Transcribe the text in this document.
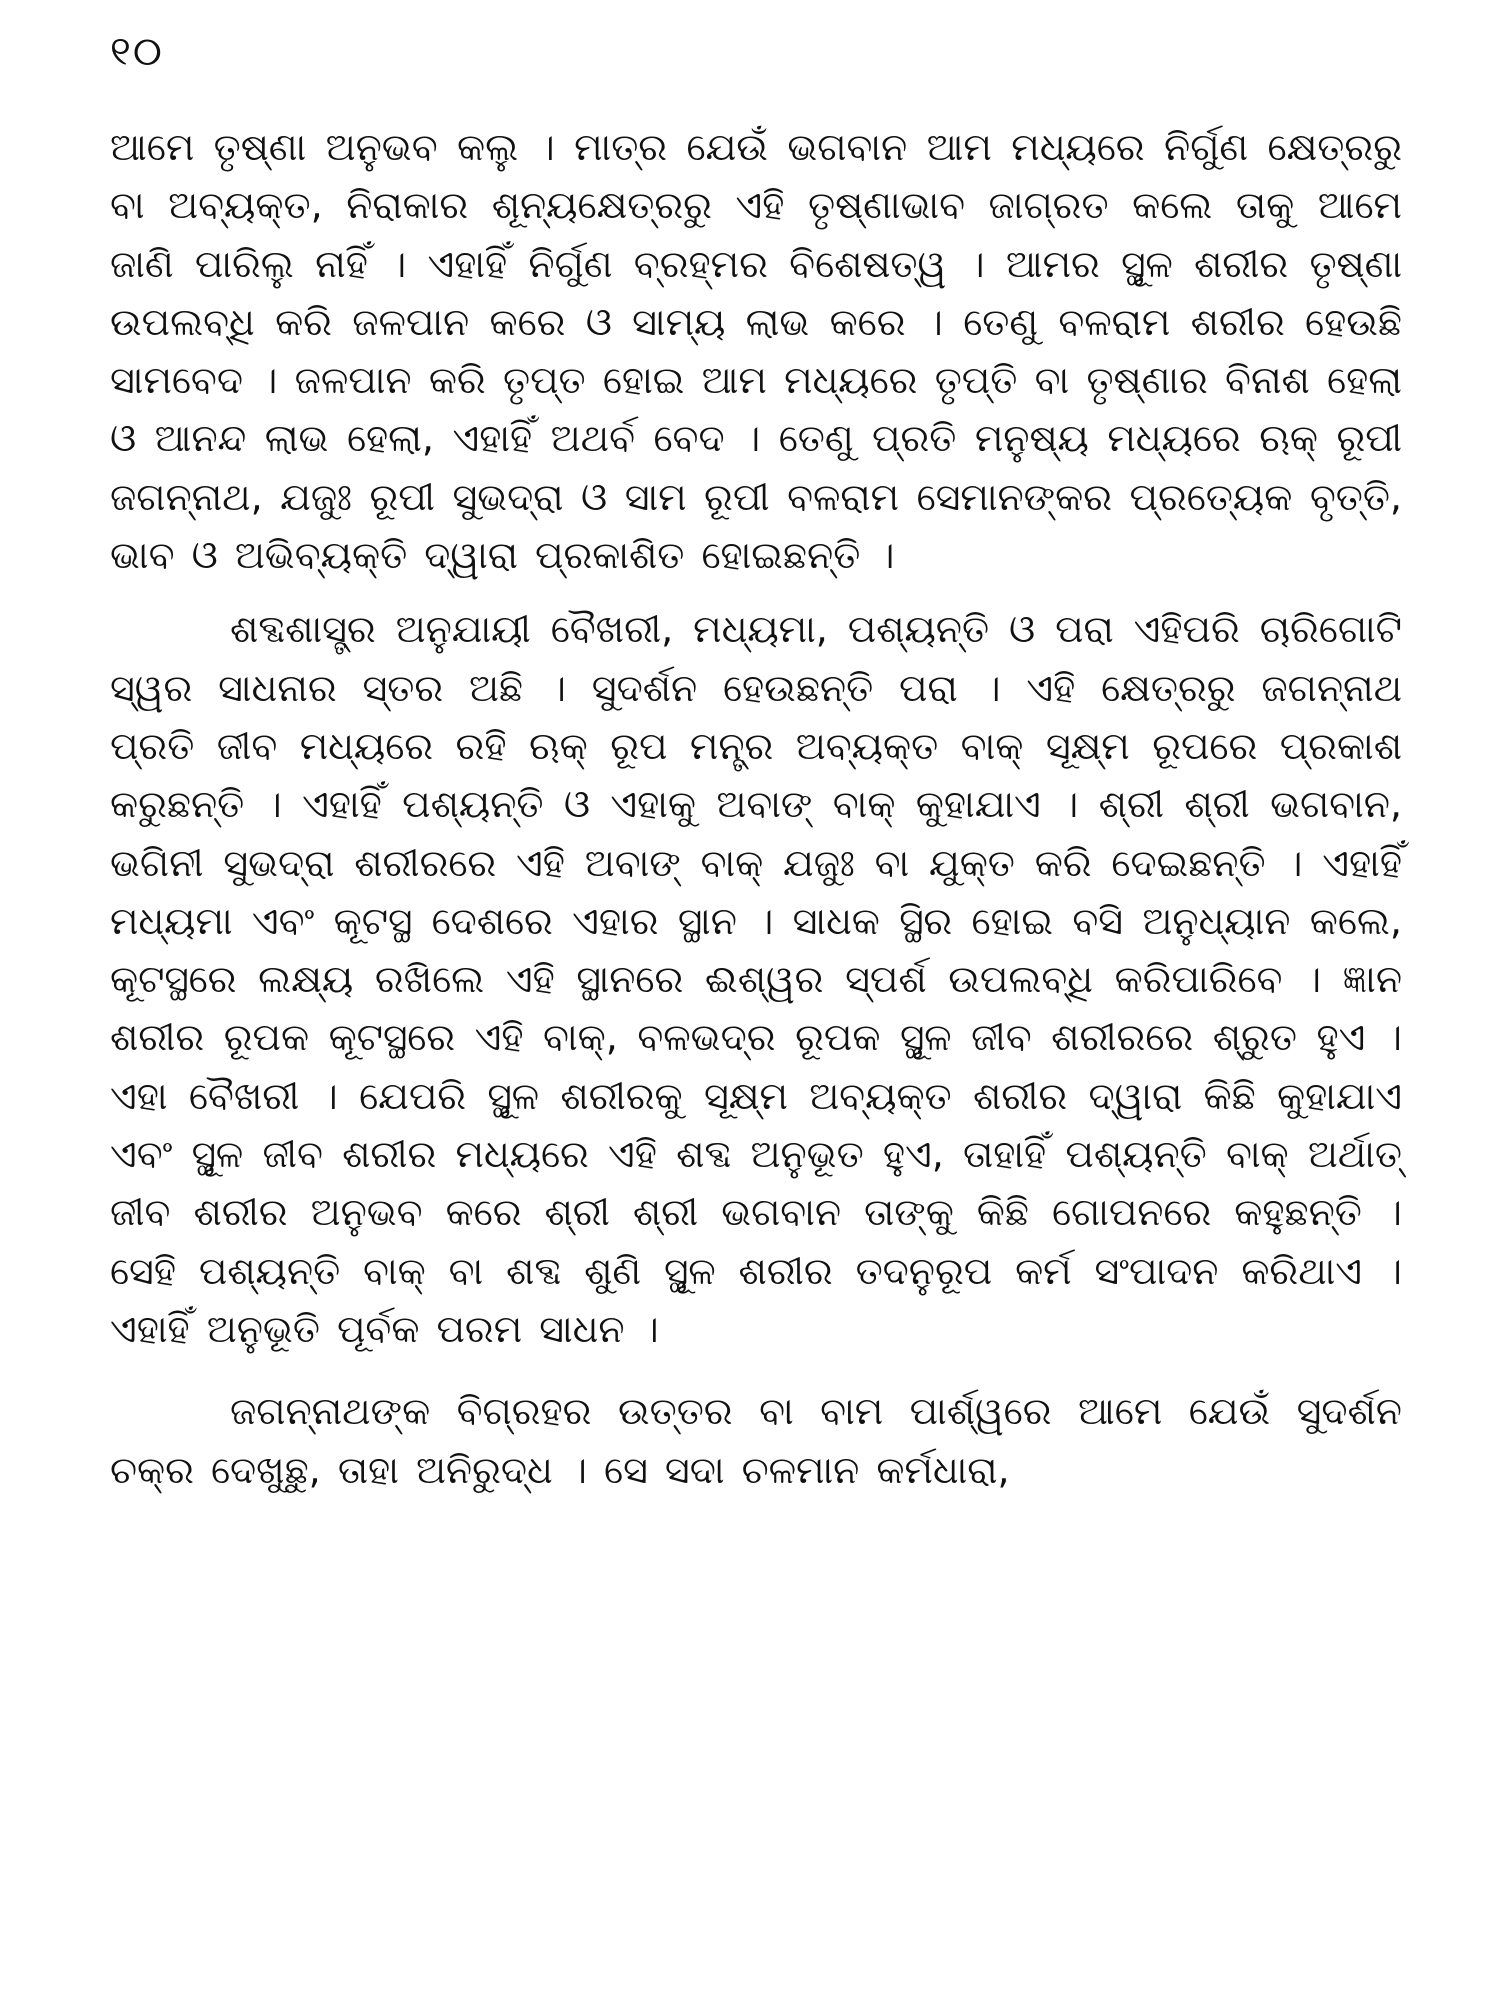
୧୦

ଆମେ ତୃଷ୍ଣା ଅନୁଭବ କଲୁ । ମାତ୍ର ଯେଉଁ ଭଗବାନ ଆମ ମଧ୍ୟରେ ନିର୍ଗୁଣ କ୍ଷେତ୍ରରୁ ବା ଅବ୍ୟକ୍ତ, ନିରାକାର ଶୂନ୍ୟକ୍ଷେତ୍ରରୁ ଏହି ତୃଷ୍ଣାଭାବ ଜାଗ୍ରତ କଲେ ତାକୁ ଆମେ ଜାଣି ପାରିଲୁ ନାହିଁ । ଏହାହିଁ ନିର୍ଗୁଣ ବ୍ରହ୍ମର ବିଶେଷତ୍ୱ । ଆମର ସ୍ଥୂଳ ଶରୀର ତୃଷ୍ଣା ଉପଲବ୍ଧି କରି ଜଳପାନ କରେ ଓ ସାମ୍ୟ ଲାଭ କରେ । ତେଣୁ ବଳରାମ ଶରୀର ହେଉଛି ସାମବେଦ । ଜଳପାନ କରି ତୃପ୍ତ ହୋଇ ଆମ ମଧ୍ୟରେ ତୃପ୍ତି ବା ତୃଷ୍ଣାର ବିନାଶ ହେଲା ଓ ଆନନ୍ଦ ଲାଭ ହେଲା, ଏହାହିଁ ଅଥର୍ବ ବେଦ । ତେଣୁ ପ୍ରତି ମନୁଷ୍ୟ ମଧ୍ୟରେ ଋକ୍ ରୂପୀ ଜଗନ୍ନାଥ, ଯଜୁଃ ରୂପୀ ସୁଭଦ୍ରା ଓ ସାମ ରୂପୀ ବଳରାମ ସେମାନଙ୍କର ପ୍ରତ୍ୟେକ ବୃତ୍ତି, ଭାବ ଓ ଅଭିବ୍ୟକ୍ତି ଦ୍ୱାରା ପ୍ରକାଶିତ ହୋଇଛନ୍ତି ।

ଶବ୍ଦଶାସ୍ତ୍ର ଅନୁଯାୟୀ ବୈଖରୀ, ମଧ୍ୟମା, ପଶ୍ୟନ୍ତି ଓ ପରା ଏହିପରି ଚାରିଗୋଟି ସ୍ୱର ସାଧନାର ସ୍ତର ଅଛି । ସୁଦର୍ଶନ ହେଉଛନ୍ତି ପରା । ଏହି କ୍ଷେତ୍ରରୁ ଜଗନ୍ନାଥ ପ୍ରତି ଜୀବ ମଧ୍ୟରେ ରହି ଋକ୍ ରୂପ ମନ୍ତ୍ର ଅବ୍ୟକ୍ତ ବାକ୍ ସୂକ୍ଷ୍ମ ରୂପରେ ପ୍ରକାଶ କରୁଛନ୍ତି । ଏହାହିଁ ପଶ୍ୟନ୍ତି ଓ ଏହାକୁ ଅବାଙ୍ ବାକ୍ କୁହାଯାଏ । ଶ୍ରୀ ଶ୍ରୀ ଭଗବାନ, ଭଗିନୀ ସୁଭଦ୍ରା ଶରୀରରେ ଏହି ଅବାଙ୍ ବାକ୍ ଯଜୁଃ ବା ଯୁକ୍ତ କରି ଦେଇଛନ୍ତି । ଏହାହିଁ ମଧ୍ୟମା ଏବଂ କୂଟସ୍ଥ ଦେଶରେ ଏହାର ସ୍ଥାନ । ସାଧକ ସ୍ଥିର ହୋଇ ବସି ଅନୁଧ୍ୟାନ କଲେ, କୂଟସ୍ଥରେ ଲକ୍ଷ୍ୟ ରଖିଲେ ଏହି ସ୍ଥାନରେ ଈଶ୍ୱର ସ୍ପର୍ଶ ଉପଲବ୍ଧି କରିପାରିବେ । ଜ୍ଞାନ ଶରୀର ରୂପକ କୂଟସ୍ଥରେ ଏହି ବାକ୍, ବଳଭଦ୍ର ରୂପକ ସ୍ଥୂଳ ଜୀବ ଶରୀରରେ ଶ୍ରୁତ ହୁଏ । ଏହା ବୈଖରୀ । ଯେପରି ସ୍ଥୂଳ ଶରୀରକୁ ସୂକ୍ଷ୍ମ ଅବ୍ୟକ୍ତ ଶରୀର ଦ୍ୱାରା କିଛି କୁହାଯାଏ ଏବଂ ସ୍ଥୂଳ ଜୀବ ଶରୀର ମଧ୍ୟରେ ଏହି ଶବ୍ଦ ଅନୁଭୂତ ହୁଏ, ତାହାହିଁ ପଶ୍ୟନ୍ତି ବାକ୍ ଅର୍ଥାତ୍ ଜୀବ ଶରୀର ଅନୁଭବ କରେ ଶ୍ରୀ ଶ୍ରୀ ଭଗବାନ ତାଙ୍କୁ କିଛି ଗୋପନରେ କହୁଛନ୍ତି । ସେହି ପଶ୍ୟନ୍ତି ବାକ୍ ବା ଶବ୍ଦ ଶୁଣି ସ୍ଥୂଳ ଶରୀର ତଦନୁରୂପ କର୍ମ ସଂପାଦନ କରିଥାଏ । ଏହାହିଁ ଅନୁଭୂତି ପୂର୍ବକ ପରମ ସାଧନ ।

ଜଗନ୍ନାଥଙ୍କ ବିଗ୍ରହର ଉତ୍ତର ବା ବାମ ପାର୍ଶ୍ୱରେ ଆମେ ଯେଉଁ ସୁଦର୍ଶନ ଚକ୍ର ଦେଖୁଛୁ, ତାହା ଅନିରୁଦ୍ଧ । ସେ ସଦା ଚଳମାନ କର୍ମଧାରା,
